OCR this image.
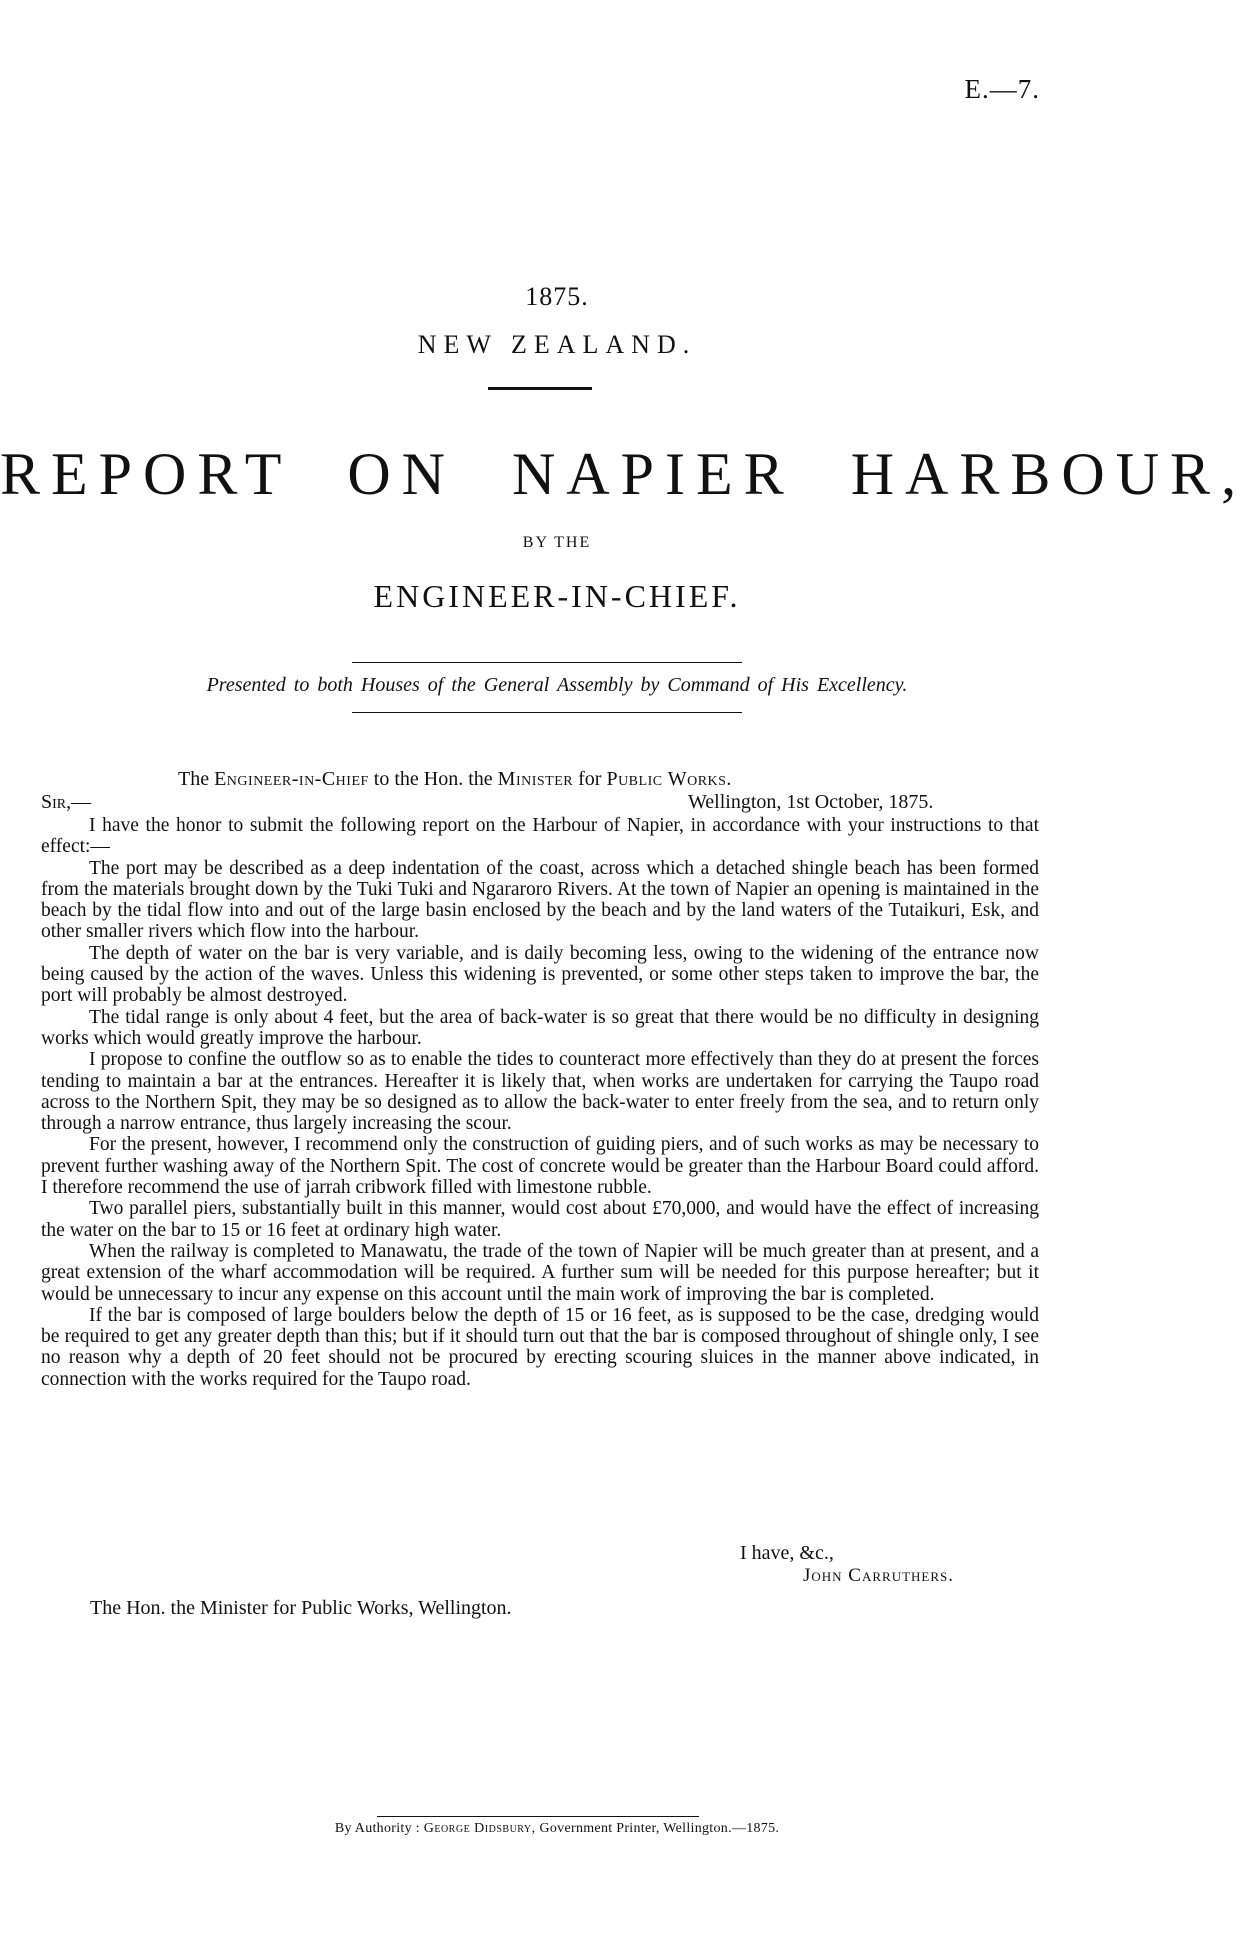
E.—7.
1875.
NEW ZEALAND.
REPORT ON NAPIER HARBOUR,
BY THE
ENGINEER-IN-CHIEF.
Presented to both Houses of the General Assembly by Command of His Excellency.
The Engineer-in-Chief to the Hon. the Minister for Public Works.
Sir,—	Wellington, 1st October, 1875.

I have the honor to submit the following report on the Harbour of Napier, in accordance with your instructions to that effect:—

The port may be described as a deep indentation of the coast, across which a detached shingle beach has been formed from the materials brought down by the Tuki Tuki and Ngararoro Rivers. At the town of Napier an opening is maintained in the beach by the tidal flow into and out of the large basin enclosed by the beach and by the land waters of the Tutaikuri, Esk, and other smaller rivers which flow into the harbour.

The depth of water on the bar is very variable, and is daily becoming less, owing to the widening of the entrance now being caused by the action of the waves. Unless this widening is prevented, or some other steps taken to improve the bar, the port will probably be almost destroyed.

The tidal range is only about 4 feet, but the area of back-water is so great that there would be no difficulty in designing works which would greatly improve the harbour.

I propose to confine the outflow so as to enable the tides to counteract more effectively than they do at present the forces tending to maintain a bar at the entrances. Hereafter it is likely that, when works are undertaken for carrying the Taupo road across to the Northern Spit, they may be so designed as to allow the back-water to enter freely from the sea, and to return only through a narrow entrance, thus largely increasing the scour.

For the present, however, I recommend only the construction of guiding piers, and of such works as may be necessary to prevent further washing away of the Northern Spit. The cost of concrete would be greater than the Harbour Board could afford. I therefore recommend the use of jarrah cribwork filled with limestone rubble.

Two parallel piers, substantially built in this manner, would cost about £70,000, and would have the effect of increasing the water on the bar to 15 or 16 feet at ordinary high water.

When the railway is completed to Manawatu, the trade of the town of Napier will be much greater than at present, and a great extension of the wharf accommodation will be required. A further sum will be needed for this purpose hereafter; but it would be unnecessary to incur any expense on this account until the main work of improving the bar is completed.

If the bar is composed of large boulders below the depth of 15 or 16 feet, as is supposed to be the case, dredging would be required to get any greater depth than this; but if it should turn out that the bar is composed throughout of shingle only, I see no reason why a depth of 20 feet should not be procured by erecting scouring sluices in the manner above indicated, in connection with the works required for the Taupo road.

I have, &c.,
John Carruthers.
The Hon. the Minister for Public Works, Wellington.
By Authority : George Didsbury, Government Printer, Wellington.—1875.
